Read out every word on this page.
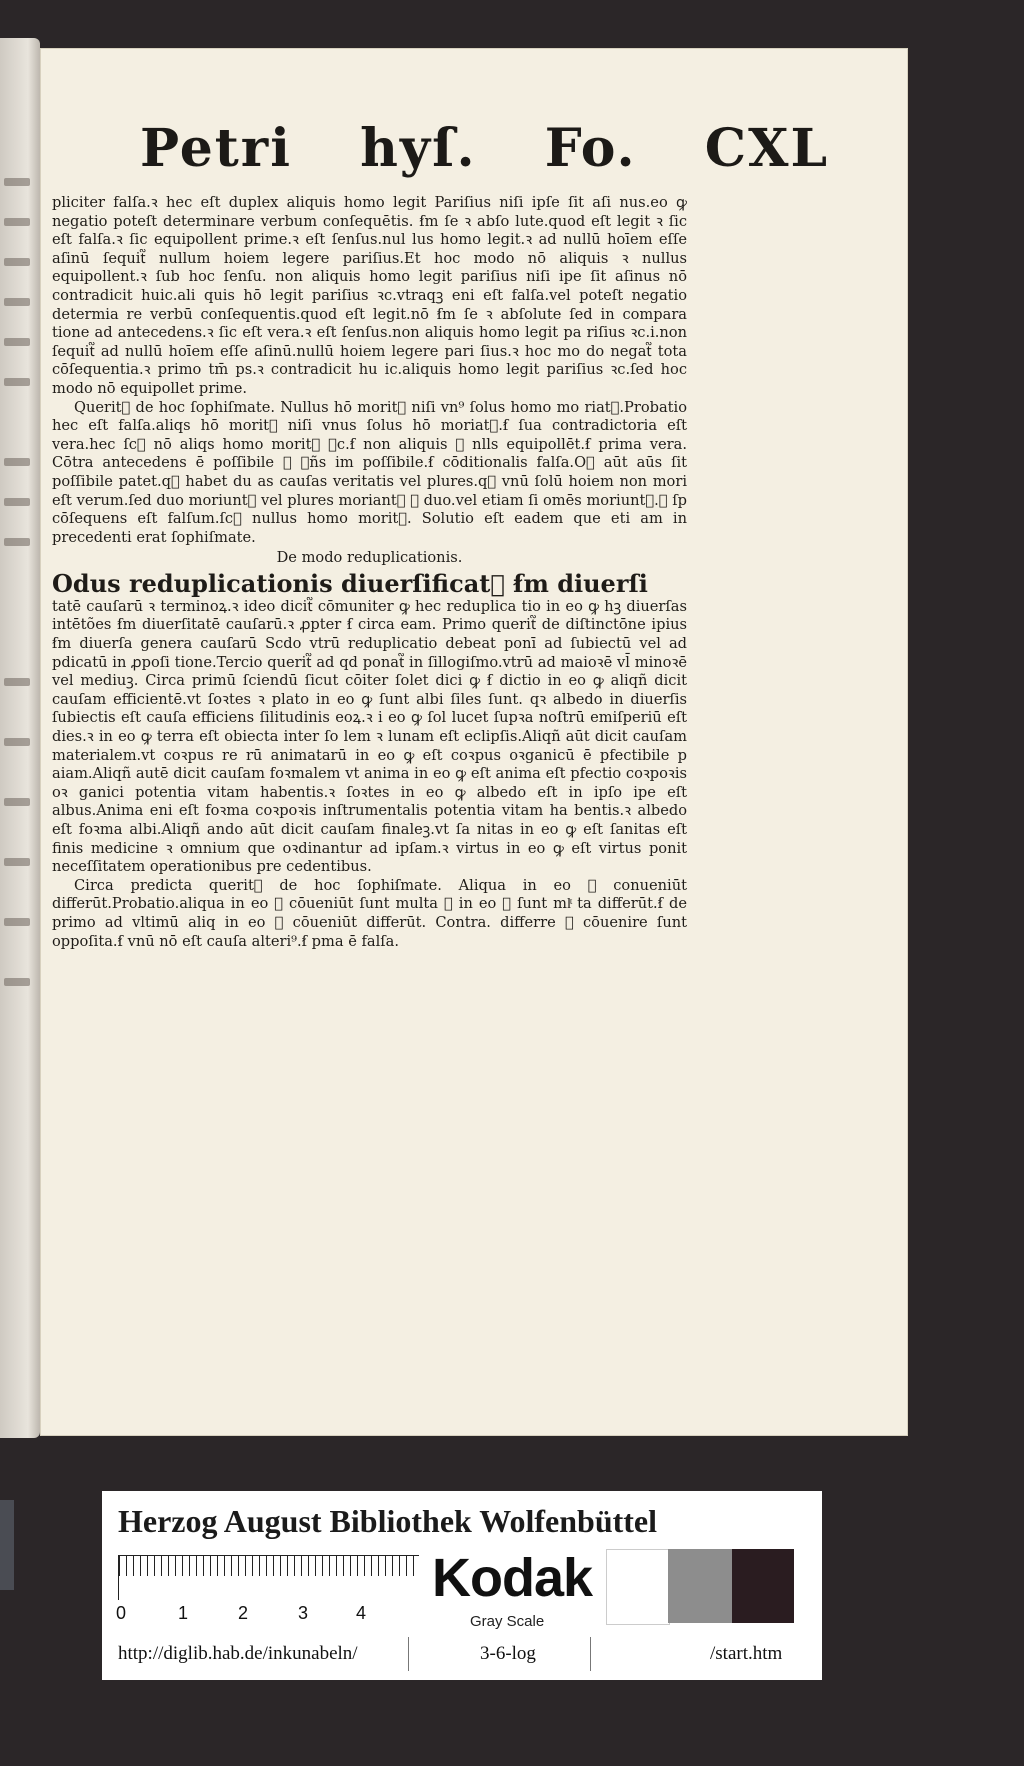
Petri hyſ. Fo. CXL

pliciter falſa.ꝛ hec eſt duplex aliquis homo legit Pariſius niſi ipſe ſit aſi nus.eo ꝙ negatio poteſt determinare verbum conſequētis. ẜm ſe ꝛ abſo lute.quod eſt legit ꝛ ſic eſt falſa.ꝛ ſic equipollent prime.ꝛ eſt ſenſus.nul lus homo legit.ꝛ ad nullū hoīem eſſe aſinū ſequit᷑ nullum hoiem legere pariſius.Et hoc modo nō aliquis ꝛ nullus equipollent.ꝛ ſub hoc ſenſu. non aliquis homo legit pariſius niſi ipe ſit aſinus nō contradicit huic.ali quis hō legit pariſius ꝛc.vtraqꝫ eni eſt falſa.vel poteſt negatio determia re verbū conſequentis.quod eſt legit.nō ẜm ſe ꝛ abſolute ſed in compara tione ad antecedens.ꝛ ſic eſt vera.ꝛ eſt ſenſus.non aliquis homo legit pa riſius ꝛc.i.non ſequit᷑ ad nullū hoīem eſſe aſinū.nullū hoiem legere pari ſius.ꝛ hoc mo do negat᷑ tota cōſequentia.ꝛ primo tm̄ ps.ꝛ contradicit hu ic.aliquis homo legit pariſius ꝛc.ſed hoc modo nō equipollet prime.

Querit᷑ de hoc ſophiſmate. Nullus hō morit᷑ niſi vn⁹ ſolus homo mo riat᷑.Probatio hec eſt falſa.aliqs hō morit᷑ niſi vnus ſolus hō moriat᷑.ẜ ſua contradictoria eſt vera.hec ſcꝫ nō aliqs homo morit᷑ ꝛc.ẜ non aliquis ꝛ nlls equipollēt.ẜ prima vera. Cōtra antecedens ē poſſibile ꝛ ꝯñs im poſſibile.ẜ cōditionalis falſa.Oꝛ aūt aūs ſit poſſibile patet.qꝛ habet du as cauſas veritatis vel plures.qꝛ vnū ſolū hoiem non mori eſt verum.ſed duo moriunt᷑ vel plures moriant᷑ ꝙ duo.vel etiam ſi omēs moriunt᷑.ꝛ ſp cōſequens eſt falſum.ſcꝫ nullus homo morit᷑. Solutio eſt eadem que eti am in precedenti erat ſophiſmate.

De modo reduplicationis.

Odus reduplicationis diuerſificat᷑ ẜm diuerſi

tatē cauſarū ꝛ terminoꝝ.ꝛ ideo dicit᷑ cōmuniter ꝙ hec reduplica tio in eo ꝙ hꝫ diuerſas intētões ẜm diuerſitatē cauſarū.ꝛ ꝓpter ẜ circa eam. Primo querit᷑ de diſtinctōne ipius ẜm diuerſa genera cauſarū Scdo vtrū reduplicatio debeat ponī ad ſubiectū vel ad pdicatū in ꝓpoſi tione.Tercio querit᷑ ad qd ponat᷑ in ſillogiſmo.vtrū ad maioꝛē vl̄ minoꝛē vel mediuꝫ. Circa primū ſciendū ſicut cōiter ſolet dici ꝙ ẜ dictio in eo ꝙ aliqñ dicit cauſam efficientē.vt ſoꝛtes ꝛ plato in eo ꝙ ſunt albi ſiles ſunt. qꝛ albedo in diuerſis ſubiectis eſt cauſa efficiens ſilitudinis eoꝝ.ꝛ i eo ꝙ ſol lucet ſupꝛa noſtrū emiſperiū eſt dies.ꝛ in eo ꝙ terra eſt obiecta inter ſo lem ꝛ lunam eſt eclipſis.Aliqñ aūt dicit cauſam materialem.vt coꝛpus re rū animatarū in eo ꝙ eſt coꝛpus oꝛganicū ē pfectibile p aiam.Aliqñ autē dicit cauſam foꝛmalem vt anima in eo ꝙ eſt anima eſt pfectio coꝛpoꝛis oꝛ ganici potentia vitam habentis.ꝛ ſoꝛtes in eo ꝙ albedo eſt in ipſo ipe eſt albus.Anima eni eſt foꝛma coꝛpoꝛis inſtrumentalis potentia vitam ha bentis.ꝛ albedo eſt foꝛma albi.Aliqñ ando aūt dicit cauſam finaleꝫ.vt ſa nitas in eo ꝙ eſt ſanitas eſt finis medicine ꝛ omnium que oꝛdinantur ad ipſam.ꝛ virtus in eo ꝙ eſt virtus ponit neceſſitatem operationibus pre cedentibus.

Circa predicta querit᷑ de hoc ſophiſmate. Aliqua in eo ꝙ conueniūt differūt.Probatio.aliqua in eo ꝙ cōueniūt ſunt multa ꝛ in eo ꝙ ſunt mlͭ ta differūt.ẜ de primo ad vltimū aliq in eo ꝙ cōueniūt differūt. Contra. differre ꝛ cōuenire ſunt oppoſita.ẜ vnū nō eſt cauſa alteri⁹.ẜ pma ē falſa.

Herzog August Bibliothek Wolfenbüttel
0	1	2	3	4
Kodak
Gray Scale
http://diglib.hab.de/inkunabeln/	3-6-log	/start.htm
